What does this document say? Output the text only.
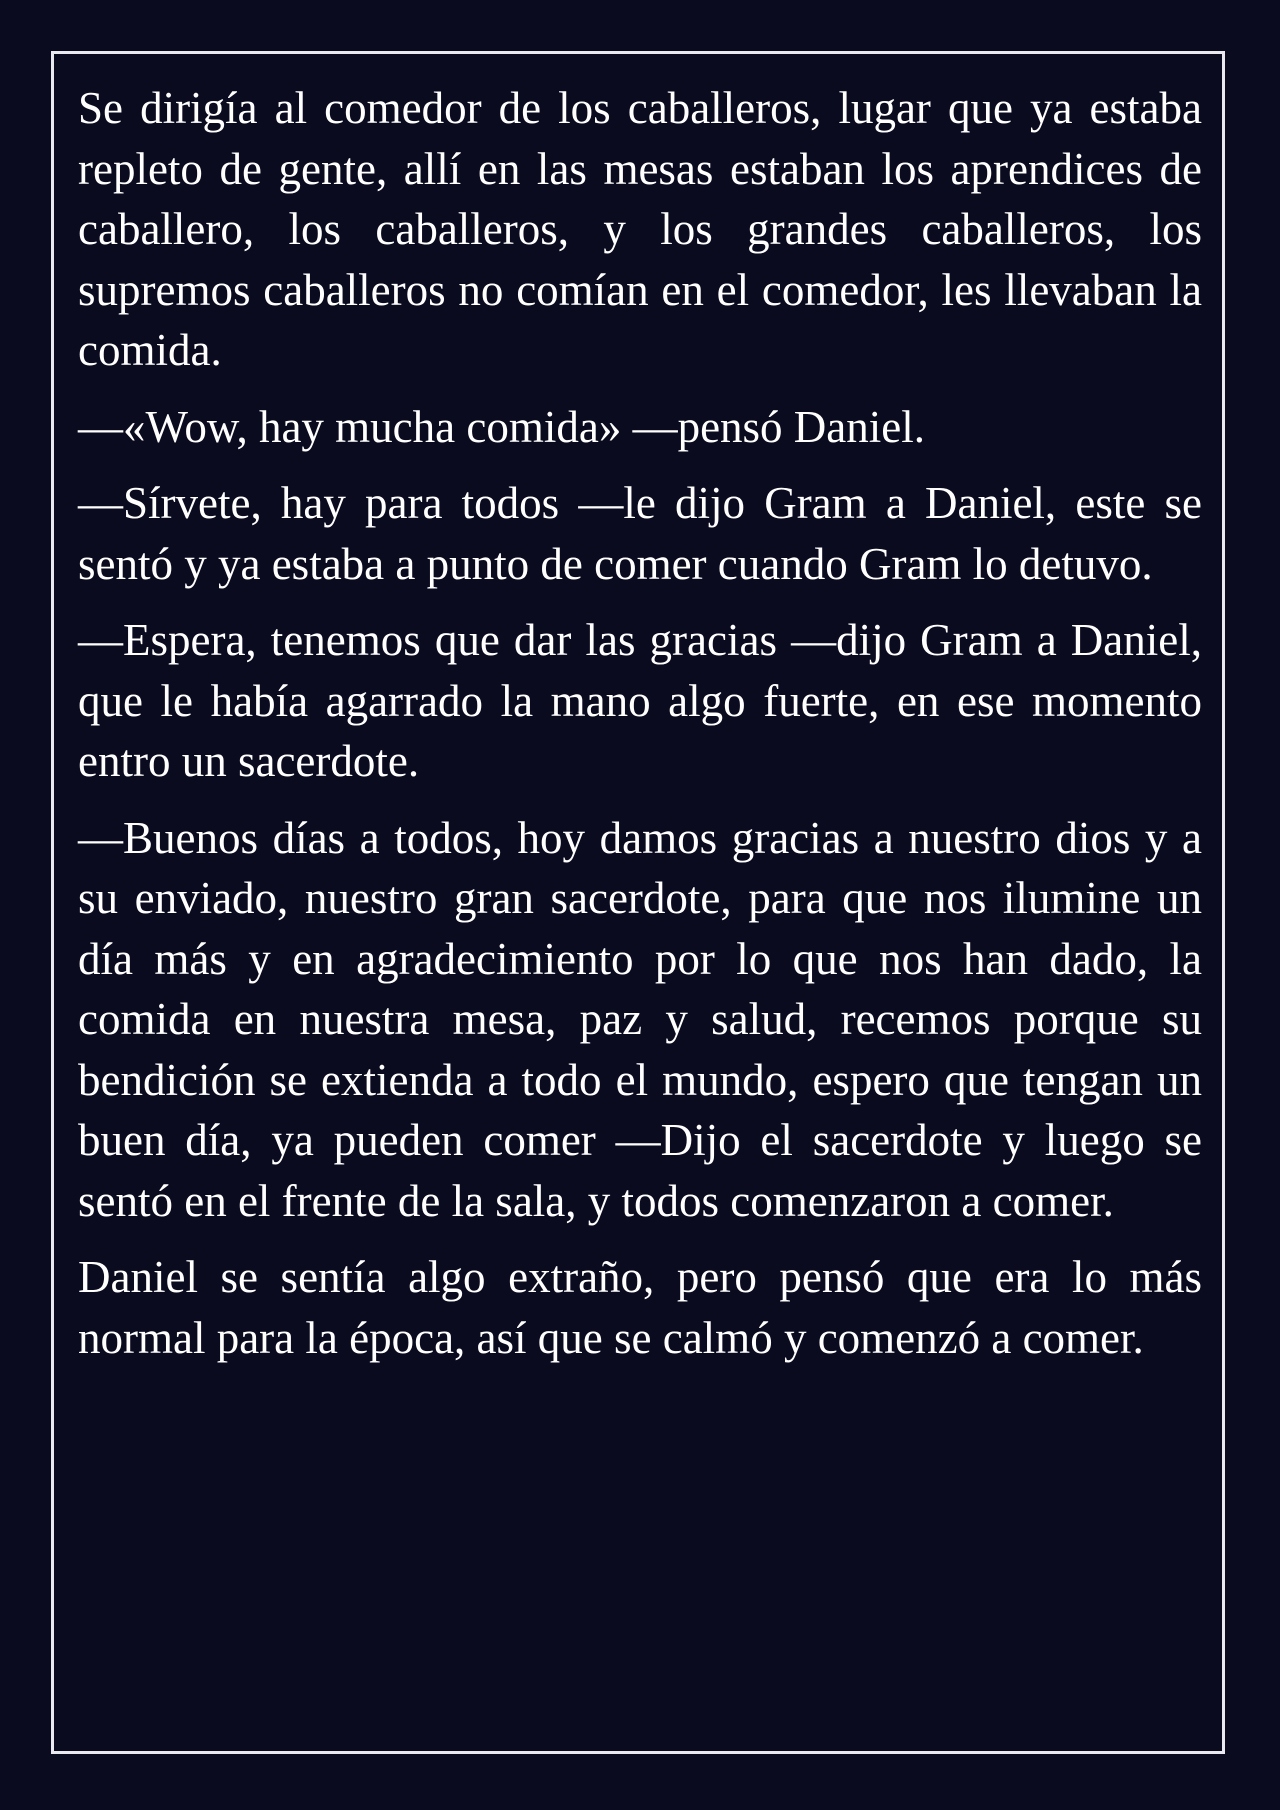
Se dirigía al comedor de los caballeros, lugar que ya estaba repleto de gente, allí en las mesas estaban los aprendices de caballero, los caballeros, y los grandes caballeros, los supremos caballeros no comían en el comedor, les llevaban la comida.

—«Wow, hay mucha comida» —pensó Daniel.

—Sírvete, hay para todos —le dijo Gram a Daniel, este se sentó y ya estaba a punto de comer cuando Gram lo detuvo.

—Espera, tenemos que dar las gracias —dijo Gram a Daniel, que le había agarrado la mano algo fuerte, en ese momento entro un sacerdote.

—Buenos días a todos, hoy damos gracias a nuestro dios y a su enviado, nuestro gran sacerdote, para que nos ilumine un día más y en agradecimiento por lo que nos han dado, la comida en nuestra mesa, paz y salud, recemos porque su bendición se extienda a todo el mundo, espero que tengan un buen día, ya pueden comer —Dijo el sacerdote y luego se sentó en el frente de la sala, y todos comenzaron a comer.

Daniel se sentía algo extraño, pero pensó que era lo más normal para la época, así que se calmó y comenzó a comer.
